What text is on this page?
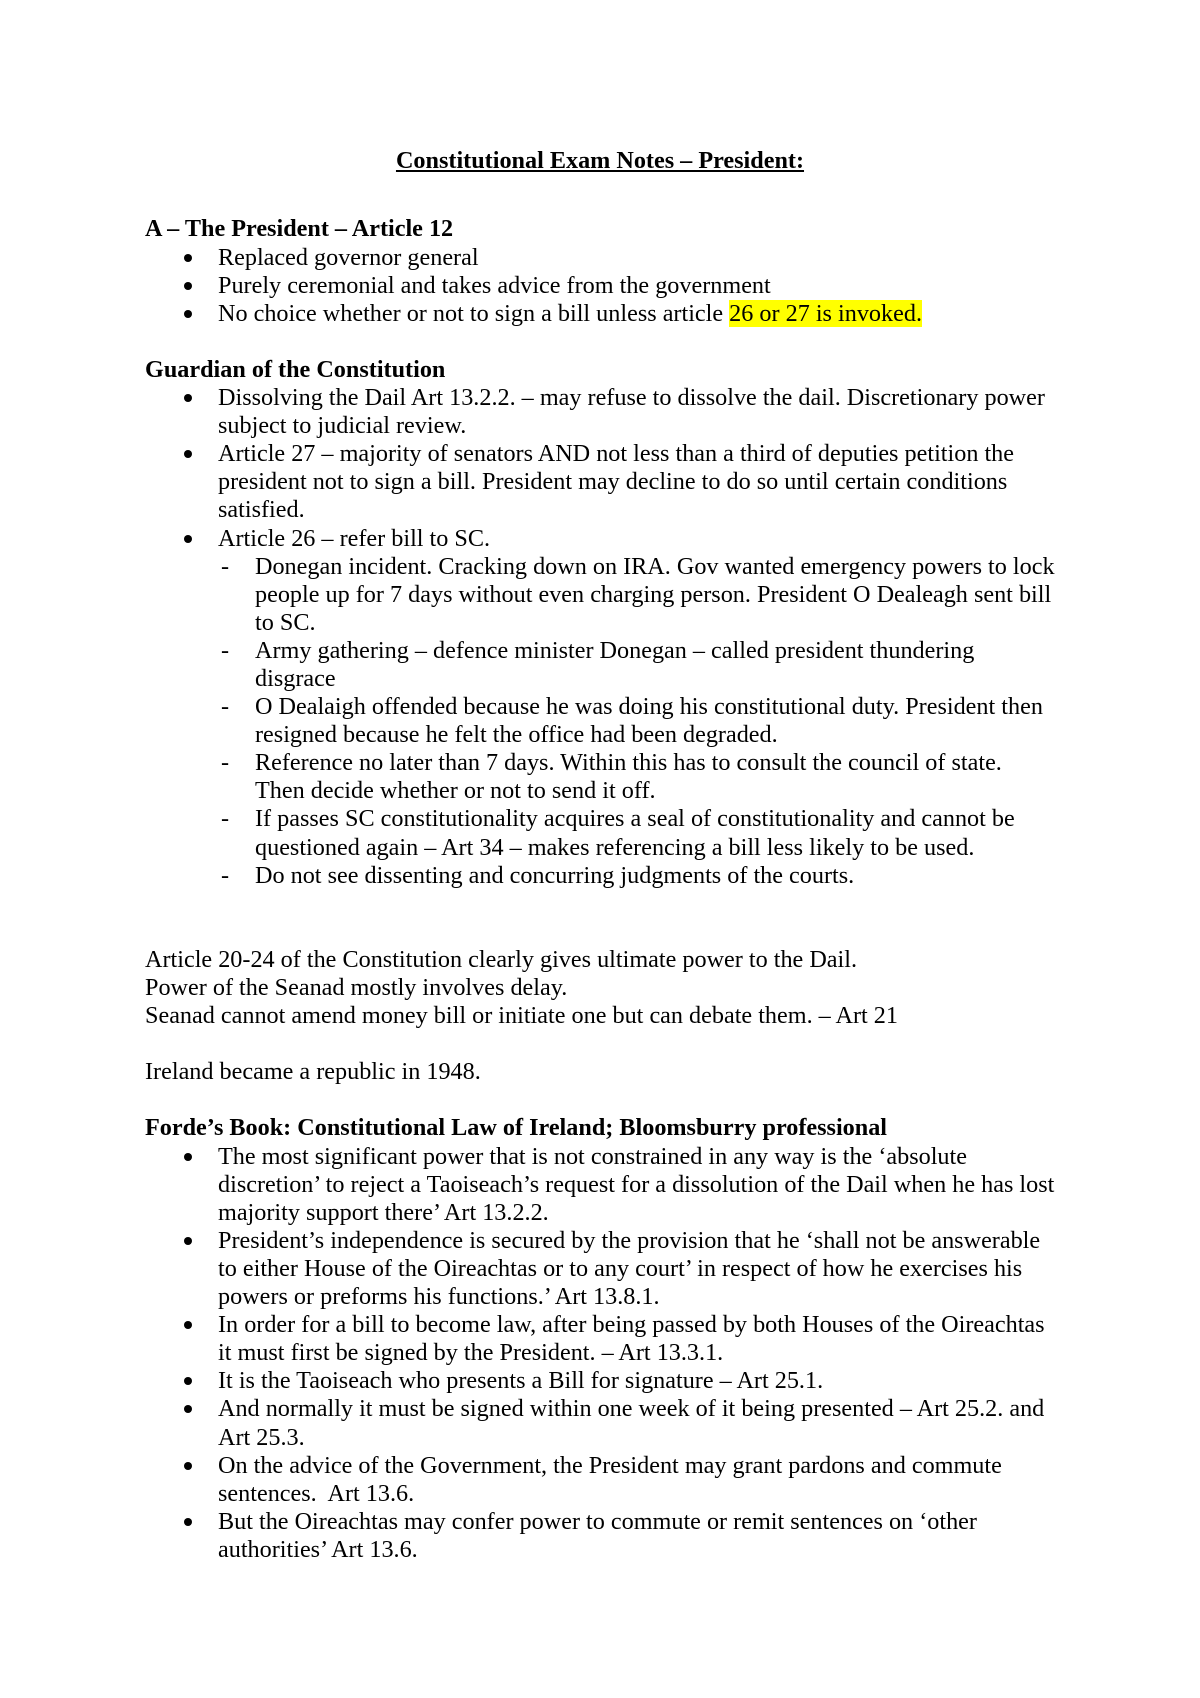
Constitutional Exam Notes – President:
A – The President – Article 12
Replaced governor general
Purely ceremonial and takes advice from the government
No choice whether or not to sign a bill unless article 26 or 27 is invoked.
Guardian of the Constitution
Dissolving the Dail Art 13.2.2. – may refuse to dissolve the dail. Discretionary power
subject to judicial review.
Article 27 – majority of senators AND not less than a third of deputies petition the
president not to sign a bill. President may decline to do so until certain conditions
satisfied.
Article 26 – refer bill to SC.
- Donegan incident. Cracking down on IRA. Gov wanted emergency powers to lock
people up for 7 days without even charging person. President O Dealeagh sent bill
to SC.
- Army gathering – defence minister Donegan – called president thundering
disgrace
- O Dealaigh offended because he was doing his constitutional duty. President then
resigned because he felt the office had been degraded.
- Reference no later than 7 days. Within this has to consult the council of state.
Then decide whether or not to send it off.
- If passes SC constitutionality acquires a seal of constitutionality and cannot be
questioned again – Art 34 – makes referencing a bill less likely to be used.
- Do not see dissenting and concurring judgments of the courts.
Article 20-24 of the Constitution clearly gives ultimate power to the Dail.
Power of the Seanad mostly involves delay.
Seanad cannot amend money bill or initiate one but can debate them. – Art 21
Ireland became a republic in 1948.
Forde’s Book: Constitutional Law of Ireland; Bloomsburry professional
The most significant power that is not constrained in any way is the ‘absolute
discretion’ to reject a Taoiseach’s request for a dissolution of the Dail when he has lost
majority support there’ Art 13.2.2.
President’s independence is secured by the provision that he ‘shall not be answerable
to either House of the Oireachtas or to any court’ in respect of how he exercises his
powers or preforms his functions.’ Art 13.8.1.
In order for a bill to become law, after being passed by both Houses of the Oireachtas
it must first be signed by the President. – Art 13.3.1.
It is the Taoiseach who presents a Bill for signature – Art 25.1.
And normally it must be signed within one week of it being presented – Art 25.2. and
Art 25.3.
On the advice of the Government, the President may grant pardons and commute
sentences.  Art 13.6.
But the Oireachtas may confer power to commute or remit sentences on ‘other
authorities’ Art 13.6.
